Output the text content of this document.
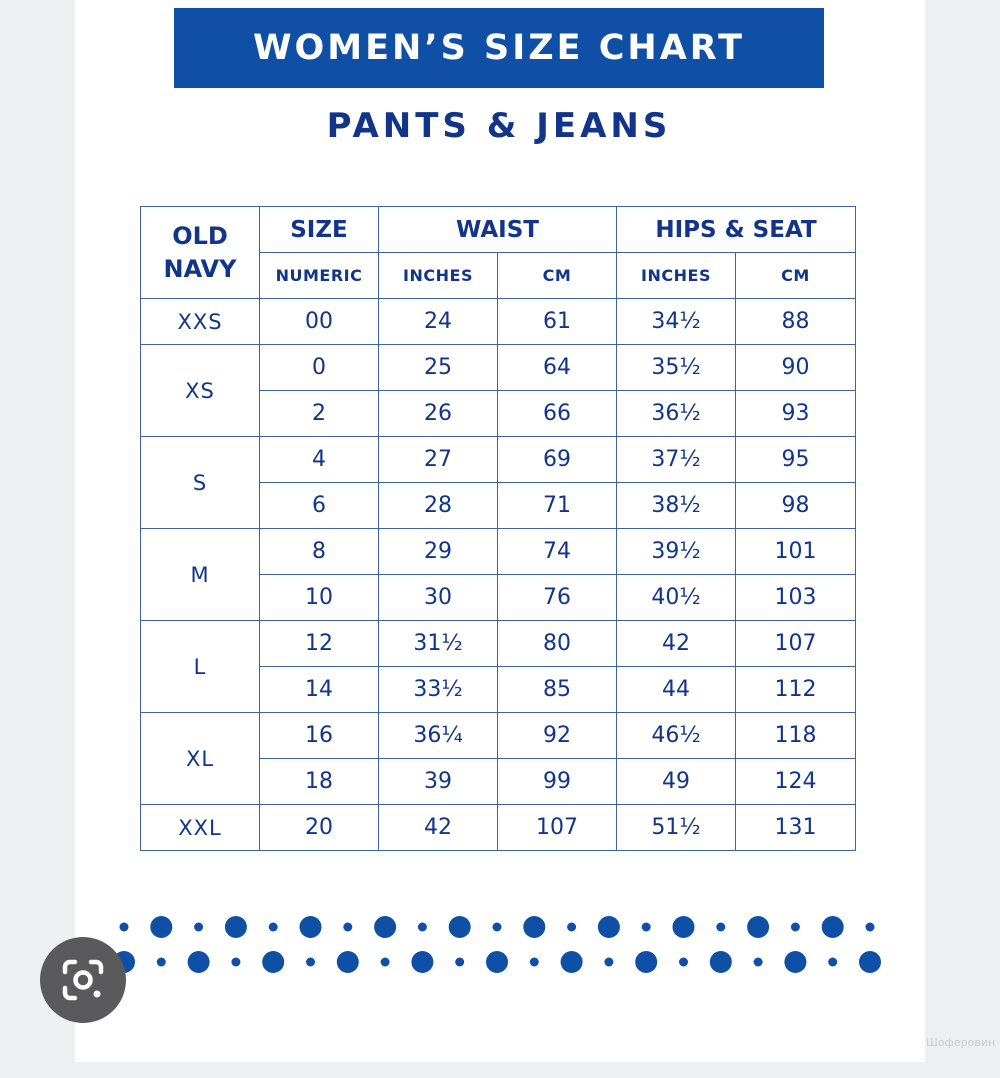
WOMEN’S SIZE CHART
PANTS & JEANS
OLD
NAVY	SIZE	WAIST		HIPS & SEAT	
	NUMERIC	INCHES	CM	INCHES	CM
XXS	00	24	61	34½	88
XS	0	25	64	35½	90
	2	26	66	36½	93
S	4	27	69	37½	95
	6	28	71	38½	98
M	8	29	74	39½	101
	10	30	76	40½	103
L	12	31½	80	42	107
	14	33½	85	44	112
XL	16	36¼	92	46½	118
	18	39	99	49	124
XXL	20	42	107	51½	131
Шоферовин
